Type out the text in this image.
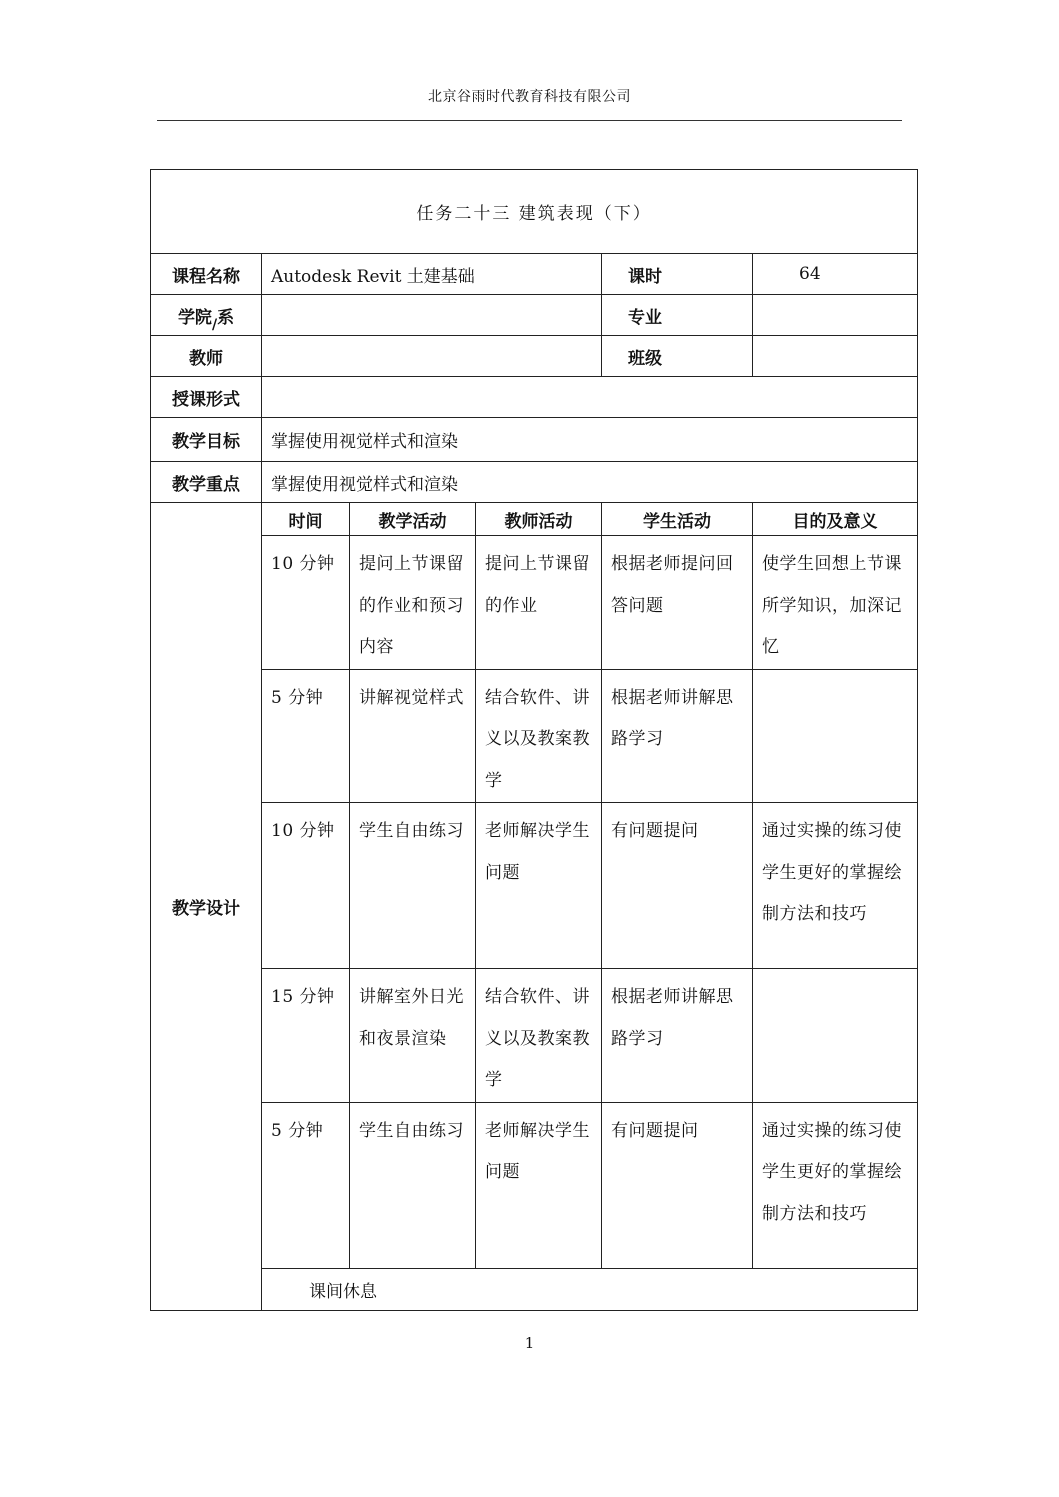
北京谷雨时代教育科技有限公司
任务二十三 建筑表现（下）					
课程名称	Autodesk Revit 土建基础			课时	64
学院$_/$系				专业	
教师				班级	
授课形式					
教学目标	掌握使用视觉样式和渲染				
教学重点	掌握使用视觉样式和渲染				
教学设计	时间	教学活动	教师活动	学生活动	目的及意义
	10 分钟	提问上节课留的作业和预习内容	提问上节课留的作业	根据老师提问回答问题	使学生回想上节课所学知识，加深记忆
	5 分钟	讲解视觉样式	结合软件、讲义以及教案教学	根据老师讲解思路学习	
	10 分钟	学生自由练习	老师解决学生问题	有问题提问	通过实操的练习使学生更好的掌握绘制方法和技巧
	15 分钟	讲解室外日光和夜景渲染	结合软件、讲义以及教案教学	根据老师讲解思路学习	
	5 分钟	学生自由练习	老师解决学生问题	有问题提问	通过实操的练习使学生更好的掌握绘制方法和技巧
	课间休息				
1
